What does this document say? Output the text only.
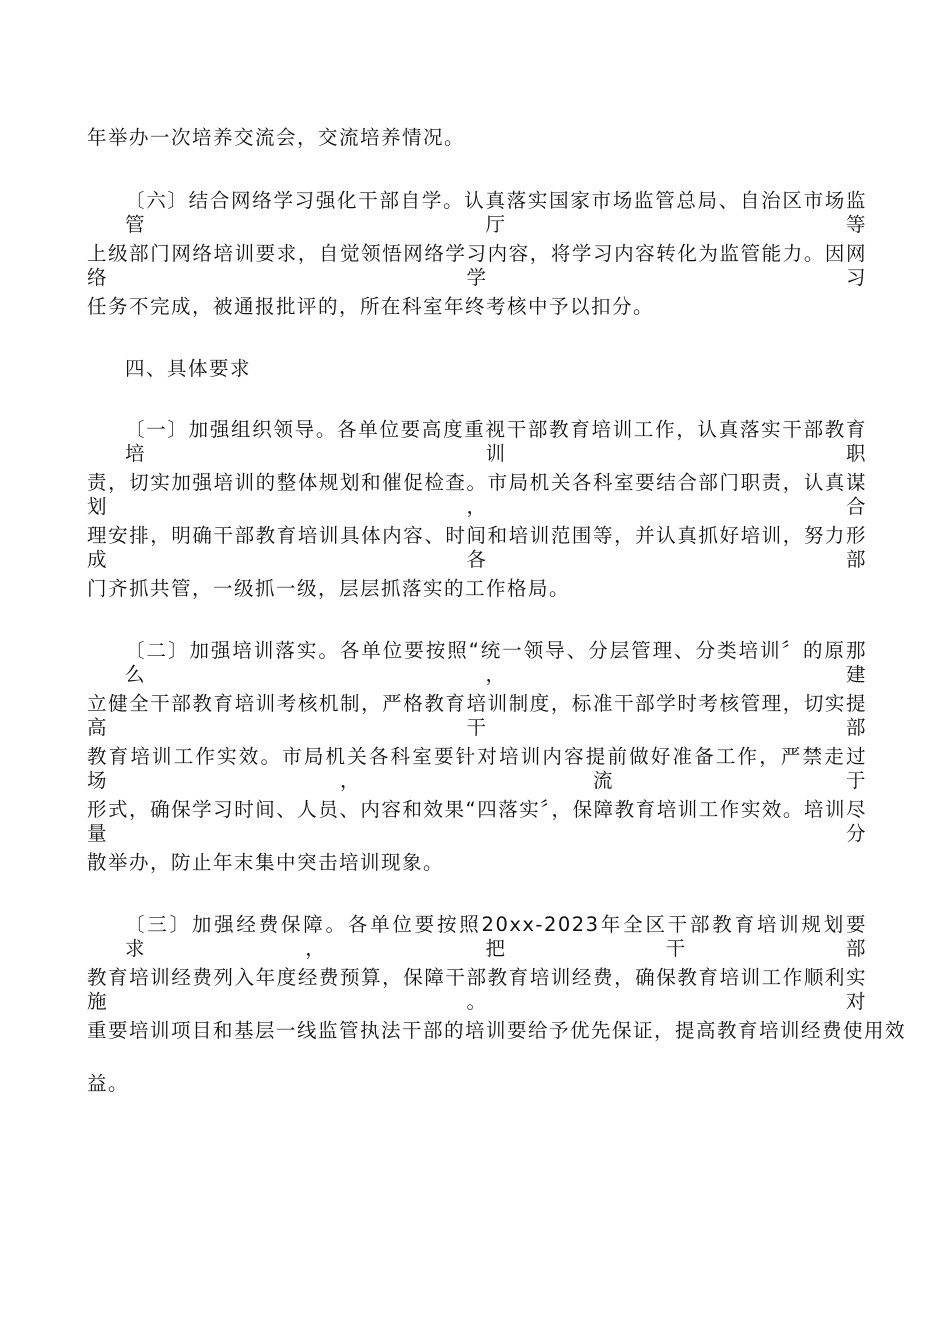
年举办一次培养交流会，交流培养情况。
〔六〕结合网络学习强化干部自学。认真落实国家市场监管总局、自治区市场监管厅等
上级部门网络培训要求，自觉领悟网络学习内容，将学习内容转化为监管能力。因网络学习
任务不完成，被通报批评的，所在科室年终考核中予以扣分。
四、具体要求
〔一〕加强组织领导。各单位要高度重视干部教育培训工作，认真落实干部教育培训职
责，切实加强培训的整体规划和催促检查。市局机关各科室要结合部门职责，认真谋划，合
理安排，明确干部教育培训具体内容、时间和培训范围等，并认真抓好培训，努力形成各部
门齐抓共管，一级抓一级，层层抓落实的工作格局。
〔二〕加强培训落实。各单位要按照“统一领导、分层管理、分类培训〞的原那么，建
立健全干部教育培训考核机制，严格教育培训制度，标准干部学时考核管理，切实提高干部
教育培训工作实效。市局机关各科室要针对培训内容提前做好准备工作，严禁走过场，流于
形式，确保学习时间、人员、内容和效果“四落实〞，保障教育培训工作实效。培训尽量分
散举办，防止年末集中突击培训现象。
〔三〕加强经费保障。各单位要按照20xx-2023年全区干部教育培训规划要求，把干部
教育培训经费列入年度经费预算，保障干部教育培训经费，确保教育培训工作顺利实施。对
重要培训项目和基层一线监管执法干部的培训要给予优先保证，提高教育培训经费使用效
益。
